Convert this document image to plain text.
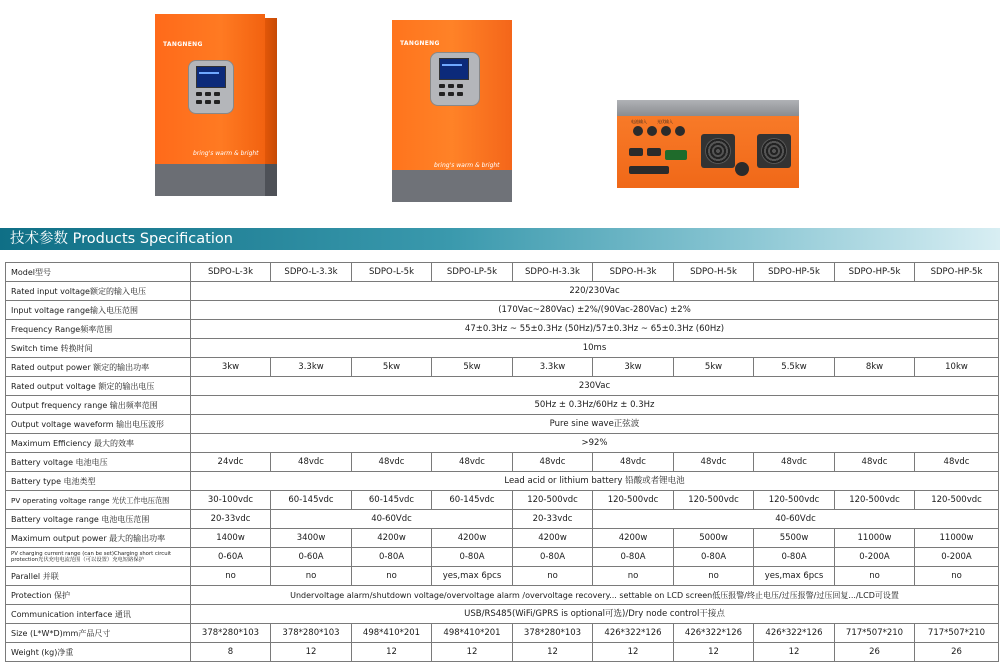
TANGNENG
bring's warm & bright
TANGNENG
bring's warm & bright
电池输入	光伏输入
技术参数 Products Specification
Model型号	SDPO-L-3k	SDPO-L-3.3k	SDPO-L-5k	SDPO-LP-5k	SDPO-H-3.3k	SDPO-H-3k	SDPO-H-5k	SDPO-HP-5k	SDPO-HP-5k	SDPO-HP-5k
Rated input voltage额定的输入电压	220/230Vac									
Input voltage range输入电压范围	(170Vac~280Vac) ±2%/(90Vac-280Vac) ±2%									
Frequency Range频率范围	47±0.3Hz ~ 55±0.3Hz (50Hz)/57±0.3Hz ~ 65±0.3Hz (60Hz)									
Switch time 转换时间	10ms									
Rated output power 额定的输出功率	3kw	3.3kw	5kw	5kw	3.3kw	3kw	5kw	5.5kw	8kw	10kw
Rated output voltage 额定的输出电压	230Vac									
Output frequency range 输出频率范围	50Hz ± 0.3Hz/60Hz ± 0.3Hz									
Output voltage waveform 输出电压波形	Pure sine wave正弦波									
Maximum Efficiency 最大的效率	>92%									
Battery voltage 电池电压	24vdc	48vdc	48vdc	48vdc	48vdc	48vdc	48vdc	48vdc	48vdc	48vdc
Battery type 电池类型	Lead acid or lithium battery 铅酸或者锂电池									
PV operating voltage range 光伏工作电压范围	30-100vdc	60-145vdc	60-145vdc	60-145vdc	120-500vdc	120-500vdc	120-500vdc	120-500vdc	120-500vdc	120-500vdc
Battery voltage range 电池电压范围	20-33vdc	40-60Vdc			20-33vdc	40-60Vdc				
Maximum output power 最大的输出功率	1400w	3400w	4200w	4200w	4200w	4200w	5000w	5500w	11000w	11000w
PV charging current range (can be set)Charging short circuit protection光伏充电电流范围（可以设置）充电短路保护	0-60A	0-60A	0-80A	0-80A	0-80A	0-80A	0-80A	0-80A	0-200A	0-200A
Parallel 并联	no	no	no	yes,max 6pcs	no	no	no	yes,max 6pcs	no	no
Protection 保护	Undervoltage alarm/shutdown voltage/overvoltage alarm /overvoltage recovery... settable on LCD screen低压报警/终止电压/过压报警/过压回复.../LCD可设置									
Communication interface 通讯	USB/RS485(WiFi/GPRS is optional可选)/Dry node control干接点									
Size (L*W*D)mm产品尺寸	378*280*103	378*280*103	498*410*201	498*410*201	378*280*103	426*322*126	426*322*126	426*322*126	717*507*210	717*507*210
Weight (kg)净重	8	12	12	12	12	12	12	12	26	26
